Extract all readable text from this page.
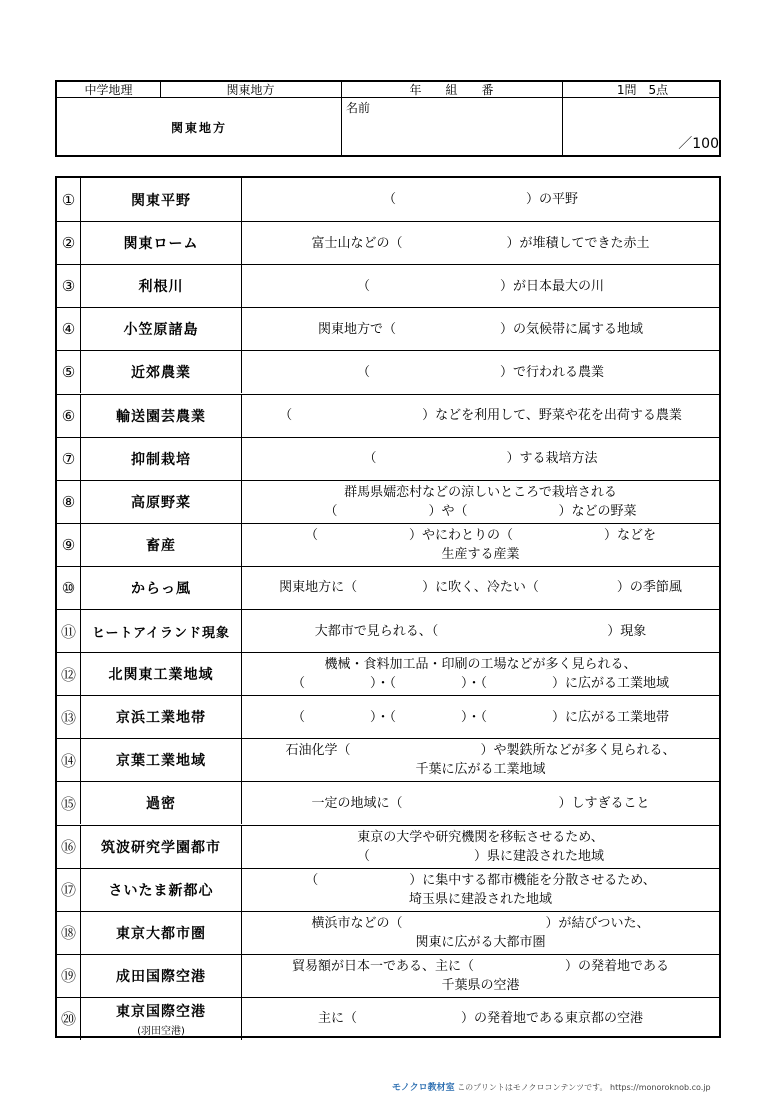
中学地理	関東地方	年　　組　　番	1問　5点
関東地方
名前
／100
①	関東平野	（　　　　　　　　　　）の平野
②	関東ローム	富士山などの（　　　　　　　　）が堆積してできた赤土
③	利根川	（　　　　　　　　　　）が日本最大の川
④	小笠原諸島	関東地方で（　　　　　　　　）の気候帯に属する地域
⑤	近郊農業	（　　　　　　　　　　）で行われる農業
⑥	輸送園芸農業	（　　　　　　　　　　）などを利用して、野菜や花を出荷する農業
⑦	抑制栽培	（　　　　　　　　　　）する栽培方法
⑧	高原野菜
群馬県嬬恋村などの涼しいところで栽培される
（　　　　　　　）や（　　　　　　　）などの野菜
⑨	畜産
（　　　　　　　）やにわとりの（　　　　　　　）などを
生産する産業
⑩	からっ風	関東地方に（　　　　　）に吹く、冷たい（　　　　　　）の季節風
⑪	ヒートアイランド現象	大都市で見られる、（　　　　　　　　　　　　　）現象
⑫	北関東工業地域
機械・食料加工品・印刷の工場などが多く見られる、
（　　　　　）・（　　　　　）・（　　　　　）に広がる工業地域
⑬	京浜工業地帯	（　　　　　）・（　　　　　）・（　　　　　）に広がる工業地帯
⑭	京葉工業地域
石油化学（　　　　　　　　　　）や製鉄所などが多く見られる、
千葉に広がる工業地域
⑮	過密	一定の地域に（　　　　　　　　　　　　）しすぎること
⑯	筑波研究学園都市
東京の大学や研究機関を移転させるため、
（　　　　　　　　）県に建設された地域
⑰	さいたま新都心
（　　　　　　　）に集中する都市機能を分散させるため、
埼玉県に建設された地域
⑱	東京大都市圏
横浜市などの（　　　　　　　　　　　）が結びついた、
関東に広がる大都市圏
⑲	成田国際空港
貿易額が日本一である、主に（　　　　　　　）の発着地である
千葉県の空港
⑳	東京国際空港
(羽田空港)
主に（　　　　　　　　）の発着地である東京都の空港
モノクロ教材室 このプリントはモノクロコンテンツです。 https://monoroknob.co.jp
